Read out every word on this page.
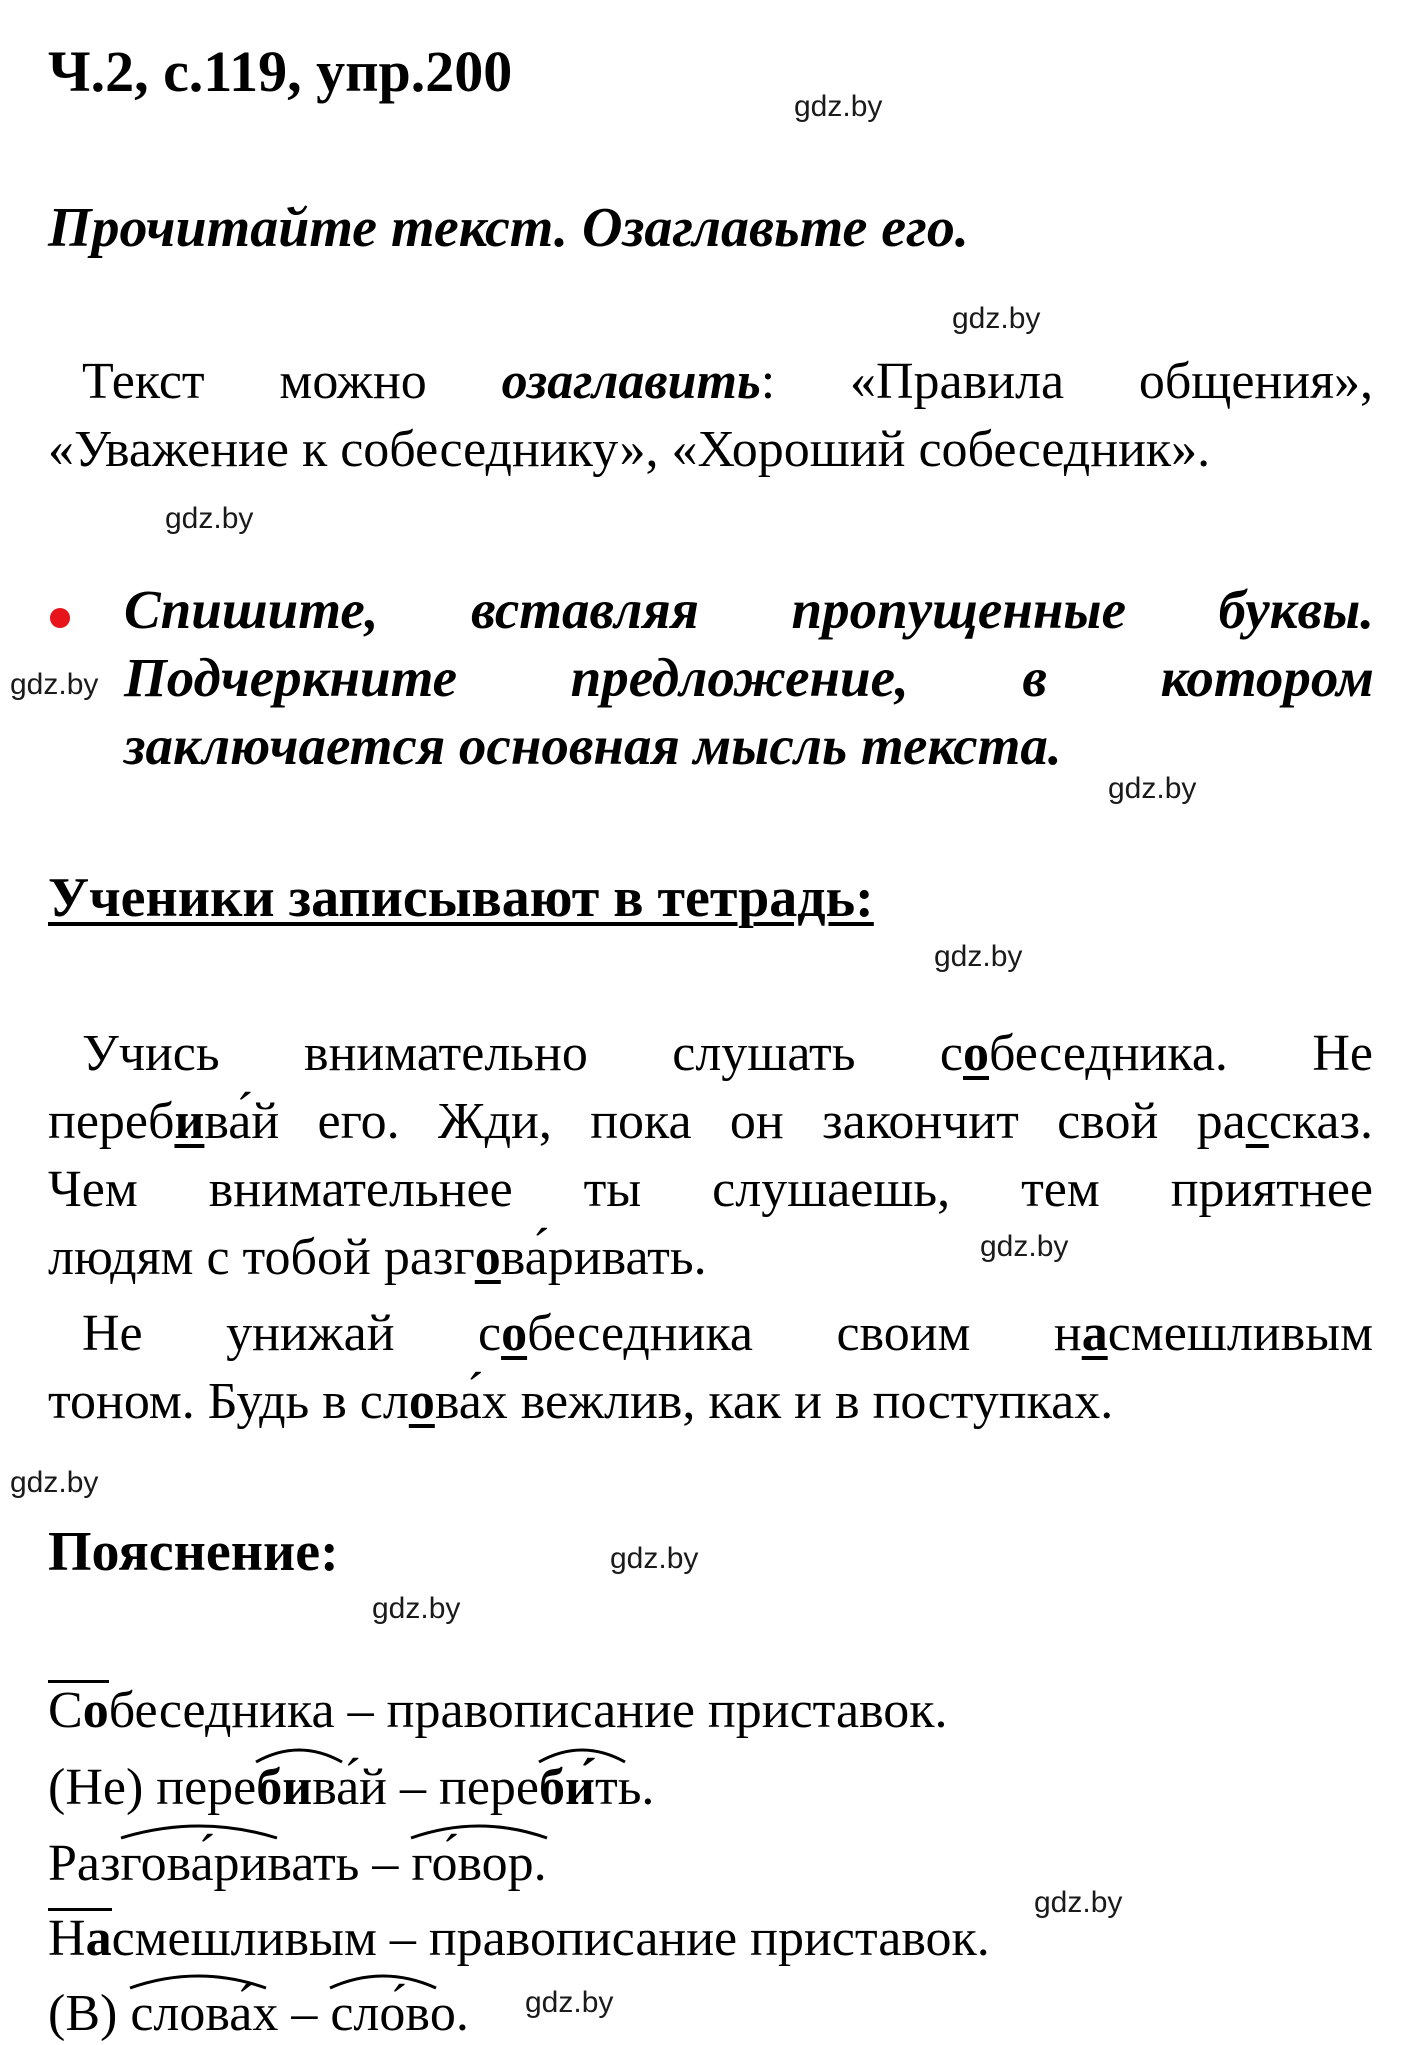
gdz.by
gdz.by
gdz.by
gdz.by
gdz.by
gdz.by
gdz.by
gdz.by
gdz.by
gdz.by
gdz.by
gdz.by
Ч.2, с.119, упр.200
Прочитайте текст. Озаглавьте его.
Текст можно озаглавить: «Правила общения»,
«Уважение к собеседнику», «Хороший собеседник».
Спишите, вставляя пропущенные буквы.
Подчеркните предложение, в котором
заключается основная мысль текста.
Ученики записывают в тетрадь:
Учись внимательно слушать собеседника. Не
перебива́й его. Жди, пока он закончит свой рассказ.
Чем внимательнее ты слушаешь, тем приятнее
людям с тобой разгова́ривать.
Не унижай собеседника своим насмешливым
тоном. Будь в слова́х вежлив, как и в поступках.
Пояснение:
Собеседника – правописание приставок.
(Не) пере
бива́й – пере
би́ть.
Раз
гова́ривать –
го́вор.
Насмешливым – правописание приставок.
(В)
слова́х –
сло́во.
